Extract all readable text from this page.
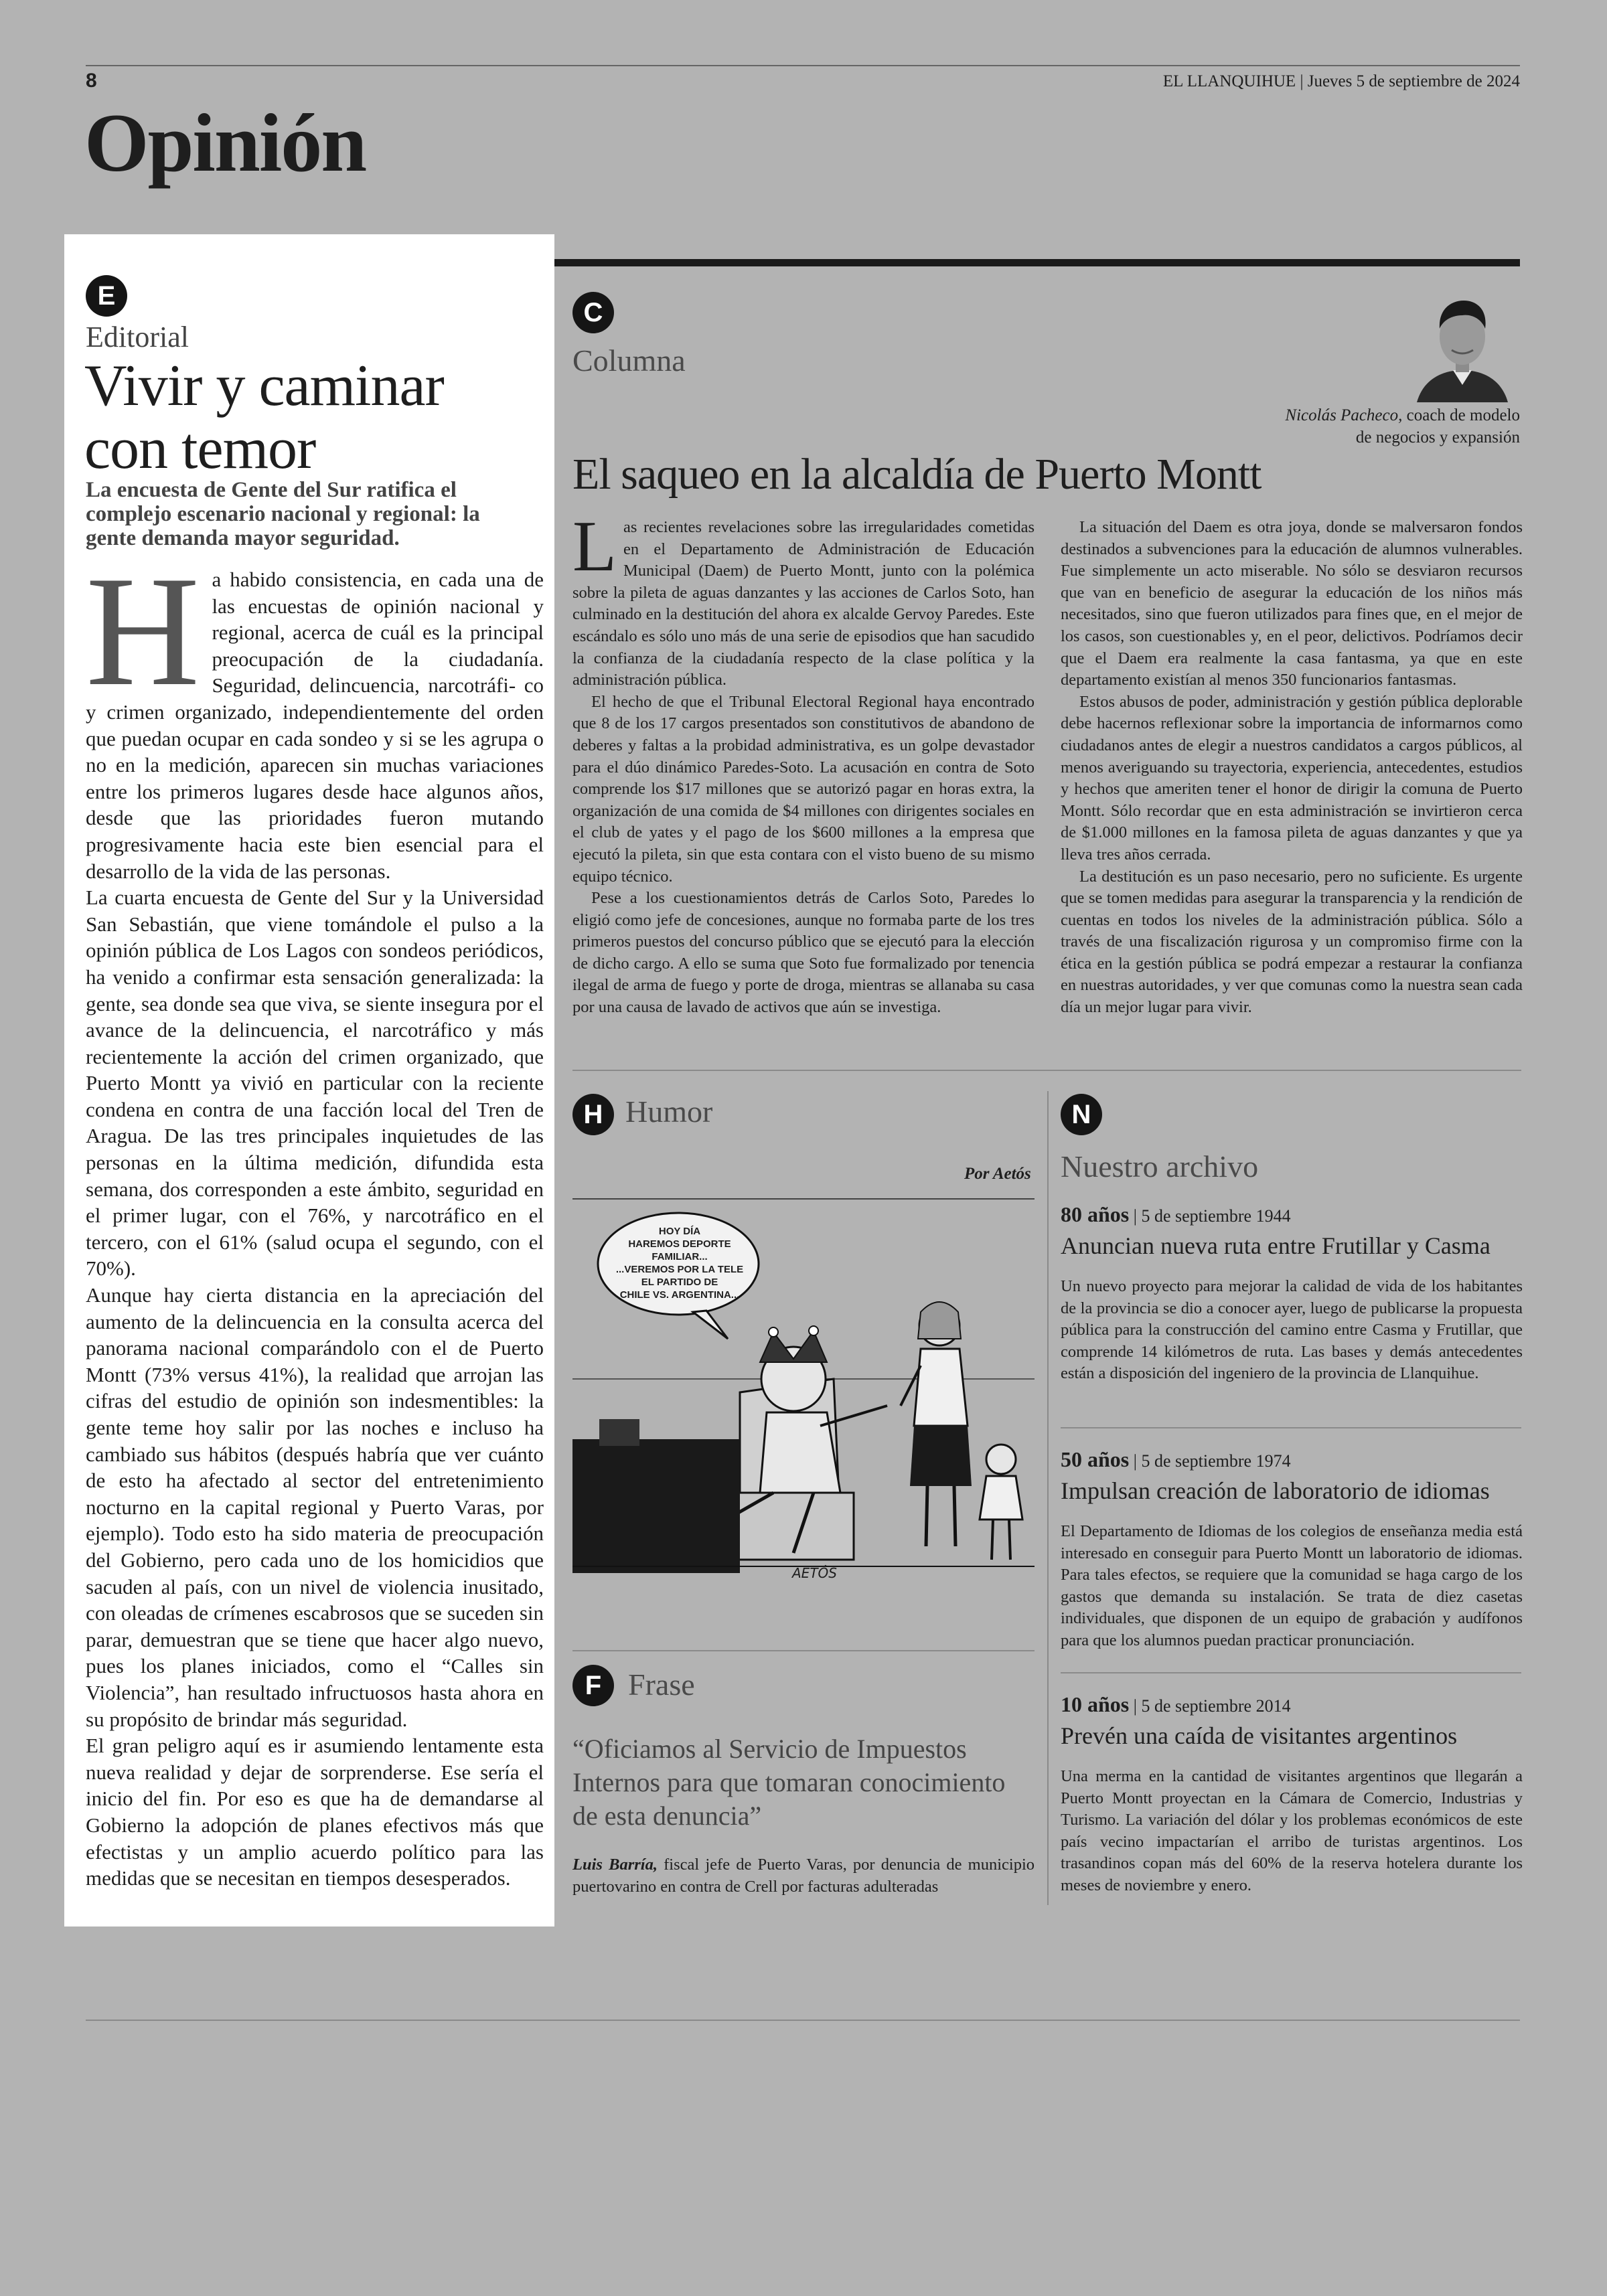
8	EL LLANQUIHUE | Jueves 5 de septiembre de 2024
Opinión
E
Editorial
Vivir y caminar
con temor
La encuesta de Gente del Sur ratifica el complejo escenario nacional y regional: la gente demanda mayor seguridad.
H a habido consistencia, en cada una de las encuestas de opinión nacional y regional, acerca de cuál es la principal preocupación de la ciudadanía. Seguridad, delincuencia, narcotráfi- co y crimen organizado, independientemente del orden que puedan ocupar en cada sondeo y si se les agrupa o no en la medición, aparecen sin muchas variaciones entre los primeros lugares desde hace algunos años, desde que las prioridades fueron mutando progresivamente hacia este bien esencial para el desarrollo de la vida de las personas.

La cuarta encuesta de Gente del Sur y la Universidad San Sebastián, que viene tomándole el pulso a la opinión pública de Los Lagos con sondeos periódicos, ha venido a confirmar esta sensación generalizada: la gente, sea donde sea que viva, se siente insegura por el avance de la delincuencia, el narcotráfico y más recientemente la acción del crimen organizado, que Puerto Montt ya vivió en particular con la reciente condena en contra de una facción local del Tren de Aragua. De las tres principales inquietudes de las personas en la última medición, difundida esta semana, dos corresponden a este ámbito, seguridad en el primer lugar, con el 76%, y narcotráfico en el tercero, con el 61% (salud ocupa el segundo, con el 70%).

Aunque hay cierta distancia en la apreciación del aumento de la delincuencia en la consulta acerca del panorama nacional comparándolo con el de Puerto Montt (73% versus 41%), la realidad que arrojan las cifras del estudio de opinión son indesmentibles: la gente teme hoy salir por las noches e incluso ha cambiado sus hábitos (después habría que ver cuánto de esto ha afectado al sector del entretenimiento nocturno en la capital regional y Puerto Varas, por ejemplo). Todo esto ha sido materia de preocupación del Gobierno, pero cada uno de los homicidios que sacuden al país, con un nivel de violencia inusitado, con oleadas de crímenes escabrosos que se suceden sin parar, demuestran que se tiene que hacer algo nuevo, pues los planes iniciados, como el “Calles sin Violencia”, han resultado infructuosos hasta ahora en su propósito de brindar más seguridad.

El gran peligro aquí es ir asumiendo lentamente esta nueva realidad y dejar de sorprenderse. Ese sería el inicio del fin. Por eso es que ha de demandarse al Gobierno la adopción de planes efectivos más que efectistas y un amplio acuerdo político para las medidas que se necesitan en tiempos desesperados.

C
Columna
Nicolás Pacheco, coach de modelo
de negocios y expansión
El saqueo en la alcaldía de Puerto Montt
L as recientes revelaciones sobre las irregularidades cometidas en el Departamento de Administración de Educación Municipal (Daem) de Puerto Montt, junto con la polémica sobre la pileta de aguas danzantes y las acciones de Carlos Soto, han culminado en la destitución del ahora ex alcalde Gervoy Paredes. Este escándalo es sólo uno más de una serie de episodios que han sacudido la confianza de la ciudadanía respecto de la clase política y la administración pública.

El hecho de que el Tribunal Electoral Regional haya encontrado que 8 de los 17 cargos presentados son constitutivos de abandono de deberes y faltas a la probidad administrativa, es un golpe devastador para el dúo dinámico Paredes-Soto. La acusación en contra de Soto comprende los $17 millones que se autorizó pagar en horas extra, la organización de una comida de $4 millones con dirigentes sociales en el club de yates y el pago de los $600 millones a la empresa que ejecutó la pileta, sin que esta contara con el visto bueno de su mismo equipo técnico.

Pese a los cuestionamientos detrás de Carlos Soto, Paredes lo eligió como jefe de concesiones, aunque no formaba parte de los tres primeros puestos del concurso público que se ejecutó para la elección de dicho cargo. A ello se suma que Soto fue formalizado por tenencia ilegal de arma de fuego y porte de droga, mientras se allanaba su casa por una causa de lavado de activos que aún se investiga.

La situación del Daem es otra joya, donde se malversaron fondos destinados a subvenciones para la educación de alumnos vulnerables. Fue simplemente un acto miserable. No sólo se desviaron recursos que van en beneficio de asegurar la educación de los niños más necesitados, sino que fueron utilizados para fines que, en el mejor de los casos, son cuestionables y, en el peor, delictivos. Podríamos decir que el Daem era realmente la casa fantasma, ya que en este departamento existían al menos 350 funcionarios fantasmas.

Estos abusos de poder, administración y gestión pública deplorable debe hacernos reflexionar sobre la importancia de informarnos como ciudadanos antes de elegir a nuestros candidatos a cargos públicos, al menos averiguando su trayectoria, experiencia, antecedentes, estudios y hechos que ameriten tener el honor de dirigir la comuna de Puerto Montt. Sólo recordar que en esta administración se invirtieron cerca de $1.000 millones en la famosa pileta de aguas danzantes y que ya lleva tres años cerrada.

La destitución es un paso necesario, pero no suficiente. Es urgente que se tomen medidas para asegurar la transparencia y la rendición de cuentas en todos los niveles de la administración pública. Sólo a través de una fiscalización rigurosa y un compromiso firme con la ética en la gestión pública se podrá empezar a restaurar la confianza en nuestras autoridades, y ver que comunas como la nuestra sean cada día un mejor lugar para vivir.

H Humor
Por Aetós
HOY DÍA
HAREMOS DEPORTE
FAMILIAR...
...VEREMOS POR LA TELE
EL PARTIDO DE
CHILE VS. ARGENTINA...
AETÓS
F Frase
“Oficiamos al Servicio de Impuestos Internos para que tomaran conocimiento de esta denuncia”
Luis Barría, fiscal jefe de Puerto Varas, por denuncia de municipio puertovarino en contra de Crell por facturas adulteradas
N
Nuestro archivo
80 años | 5 de septiembre 1944
Anuncian nueva ruta entre Frutillar y Casma
Un nuevo proyecto para mejorar la calidad de vida de los habitantes de la provincia se dio a conocer ayer, luego de publicarse la propuesta pública para la construcción del camino entre Casma y Frutillar, que comprende 14 kilómetros de ruta. Las bases y demás antecedentes están a disposición del ingeniero de la provincia de Llanquihue.
50 años | 5 de septiembre 1974
Impulsan creación de laboratorio de idiomas
El Departamento de Idiomas de los colegios de enseñanza media está interesado en conseguir para Puerto Montt un laboratorio de idiomas. Para tales efectos, se requiere que la comunidad se haga cargo de los gastos que demanda su instalación. Se trata de diez casetas individuales, que disponen de un equipo de grabación y audífonos para que los alumnos puedan practicar pronunciación.
10 años | 5 de septiembre 2014
Prevén una caída de visitantes argentinos
Una merma en la cantidad de visitantes argentinos que llegarán a Puerto Montt proyectan en la Cámara de Comercio, Industrias y Turismo. La variación del dólar y los problemas económicos de este país vecino impactarían el arribo de turistas argentinos. Los trasandinos copan más del 60% de la reserva hotelera durante los meses de noviembre y enero.
